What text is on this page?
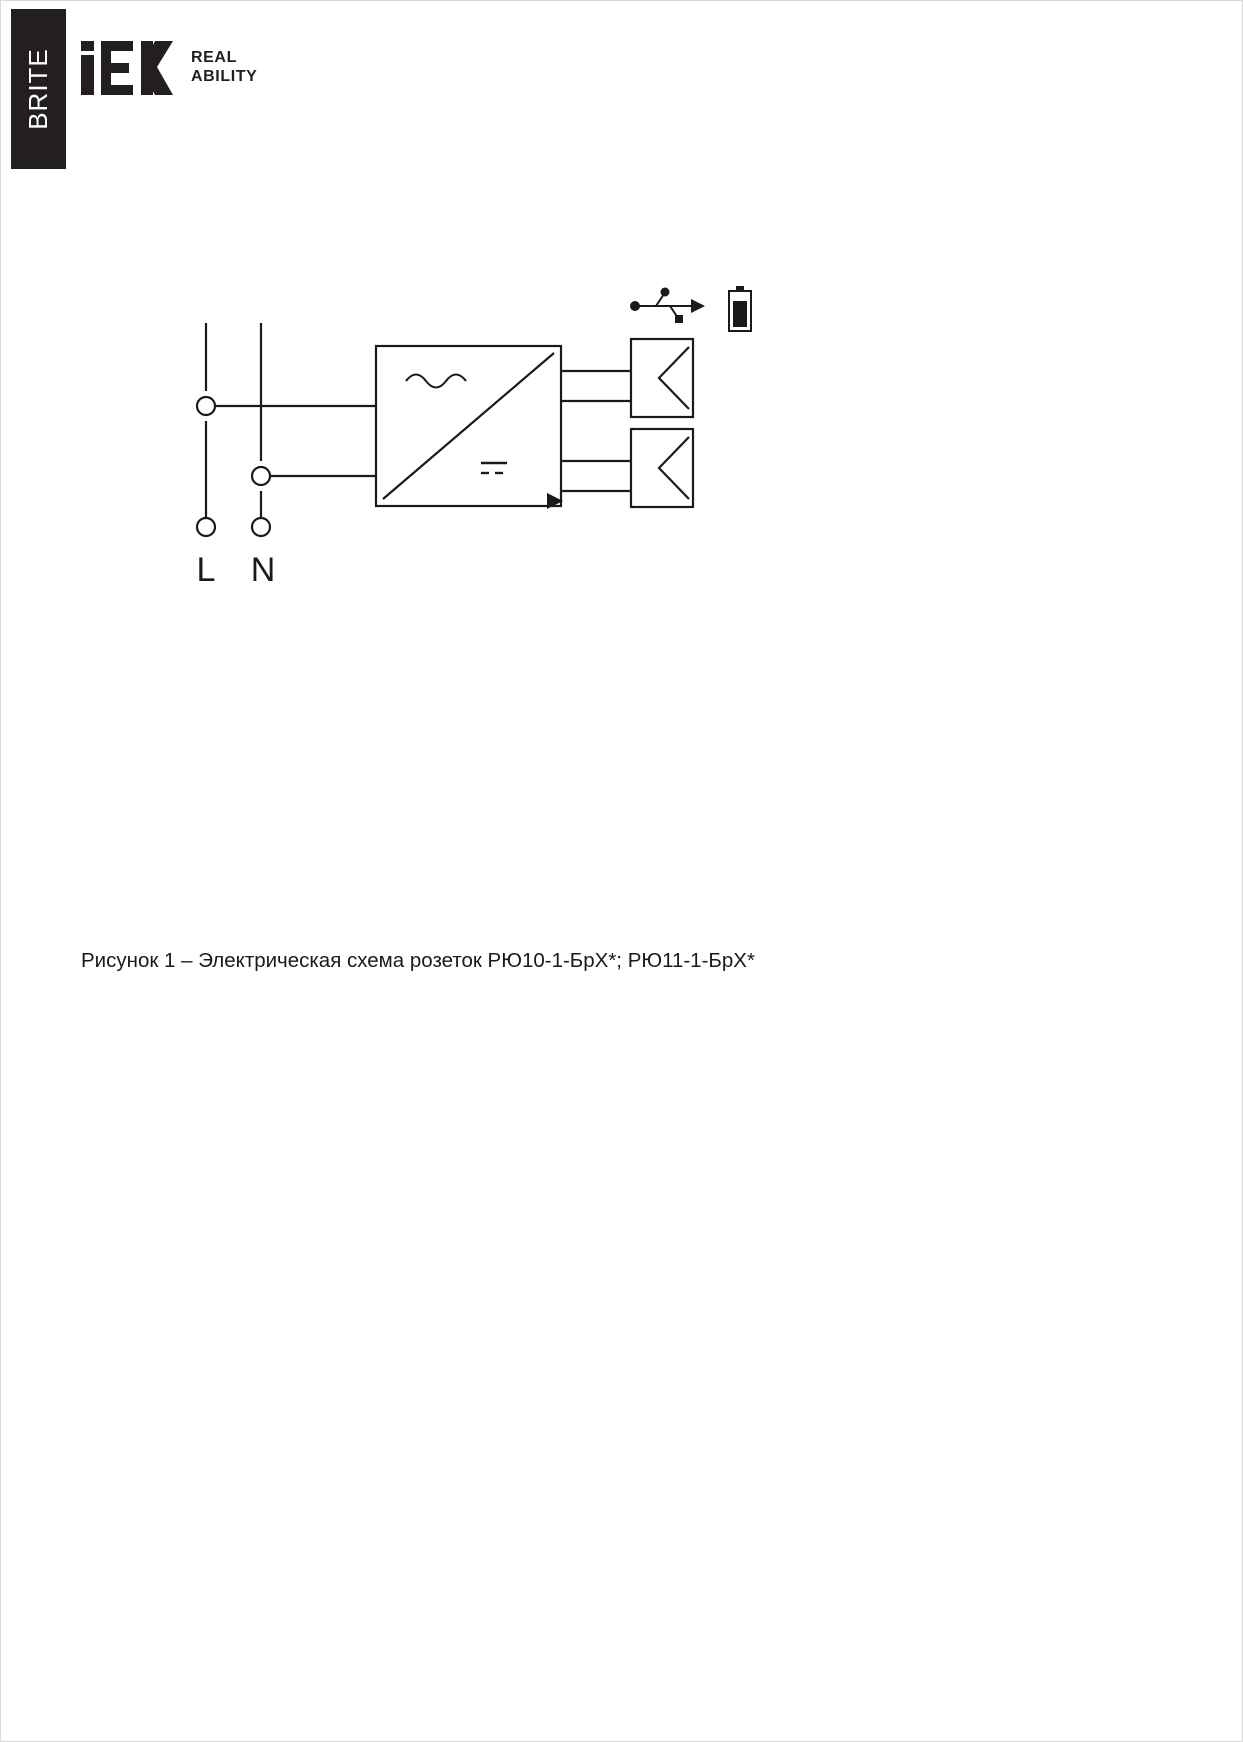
BRITE	REAL
ABILITY
L N
Рисунок 1 – Электрическая схема розеток РЮ10-1-БрХ*; РЮ11-1-БрХ*
